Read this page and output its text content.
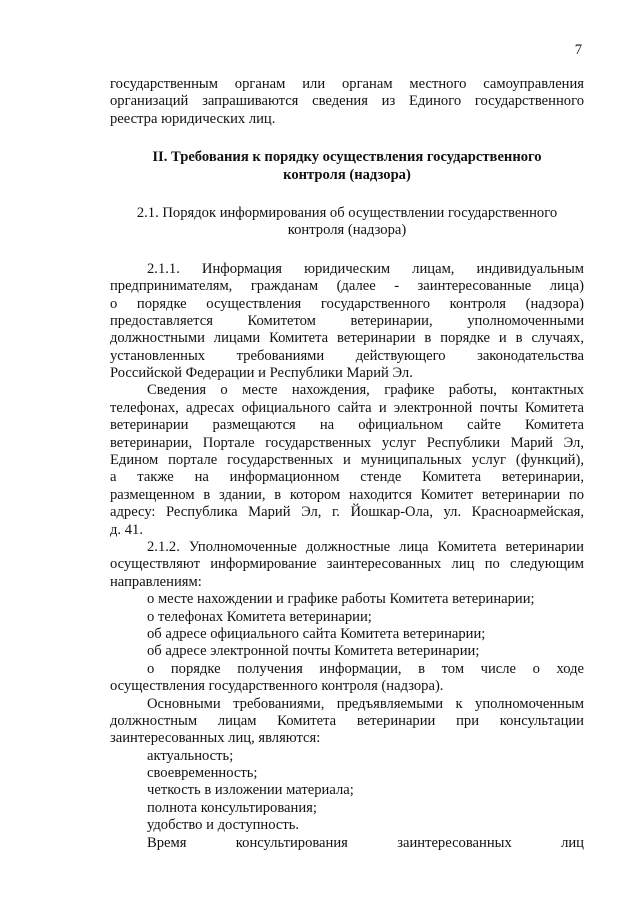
7
государственным органам или органам местного самоуправления
организаций запрашиваются сведения из Единого государственного
реестра юридических лиц.
II. Требования к порядку осуществления государственного
контроля (надзора)
2.1. Порядок информирования об осуществлении государственного
контроля (надзора)
2.1.1. Информация юридическим лицам, индивидуальным
предпринимателям, гражданам (далее - заинтересованные лица)
о порядке осуществления государственного контроля (надзора)
предоставляется Комитетом ветеринарии, уполномоченными
должностными лицами Комитета ветеринарии в порядке и в случаях,
установленных требованиями действующего законодательства
Российской Федерации и Республики Марий Эл.
Сведения о месте нахождения, графике работы, контактных
телефонах, адресах официального сайта и электронной почты Комитета
ветеринарии размещаются на официальном сайте Комитета
ветеринарии, Портале государственных услуг Республики Марий Эл,
Едином портале государственных и муниципальных услуг (функций),
а также на информационном стенде Комитета ветеринарии,
размещенном в здании, в котором находится Комитет ветеринарии по
адресу: Республика Марий Эл, г. Йошкар-Ола, ул. Красноармейская,
д. 41.
2.1.2. Уполномоченные должностные лица Комитета ветеринарии
осуществляют информирование заинтересованных лиц по следующим
направлениям:
о месте нахождении и графике работы Комитета ветеринарии;
о телефонах Комитета ветеринарии;
об адресе официального сайта Комитета ветеринарии;
об адресе электронной почты Комитета ветеринарии;
о порядке получения информации, в том числе о ходе
осуществления государственного контроля (надзора).
Основными требованиями, предъявляемыми к уполномоченным
должностным лицам Комитета ветеринарии при консультации
заинтересованных лиц, являются:
актуальность;
своевременность;
четкость в изложении материала;
полнота консультирования;
удобство и доступность.
Время консультирования заинтересованных лиц
